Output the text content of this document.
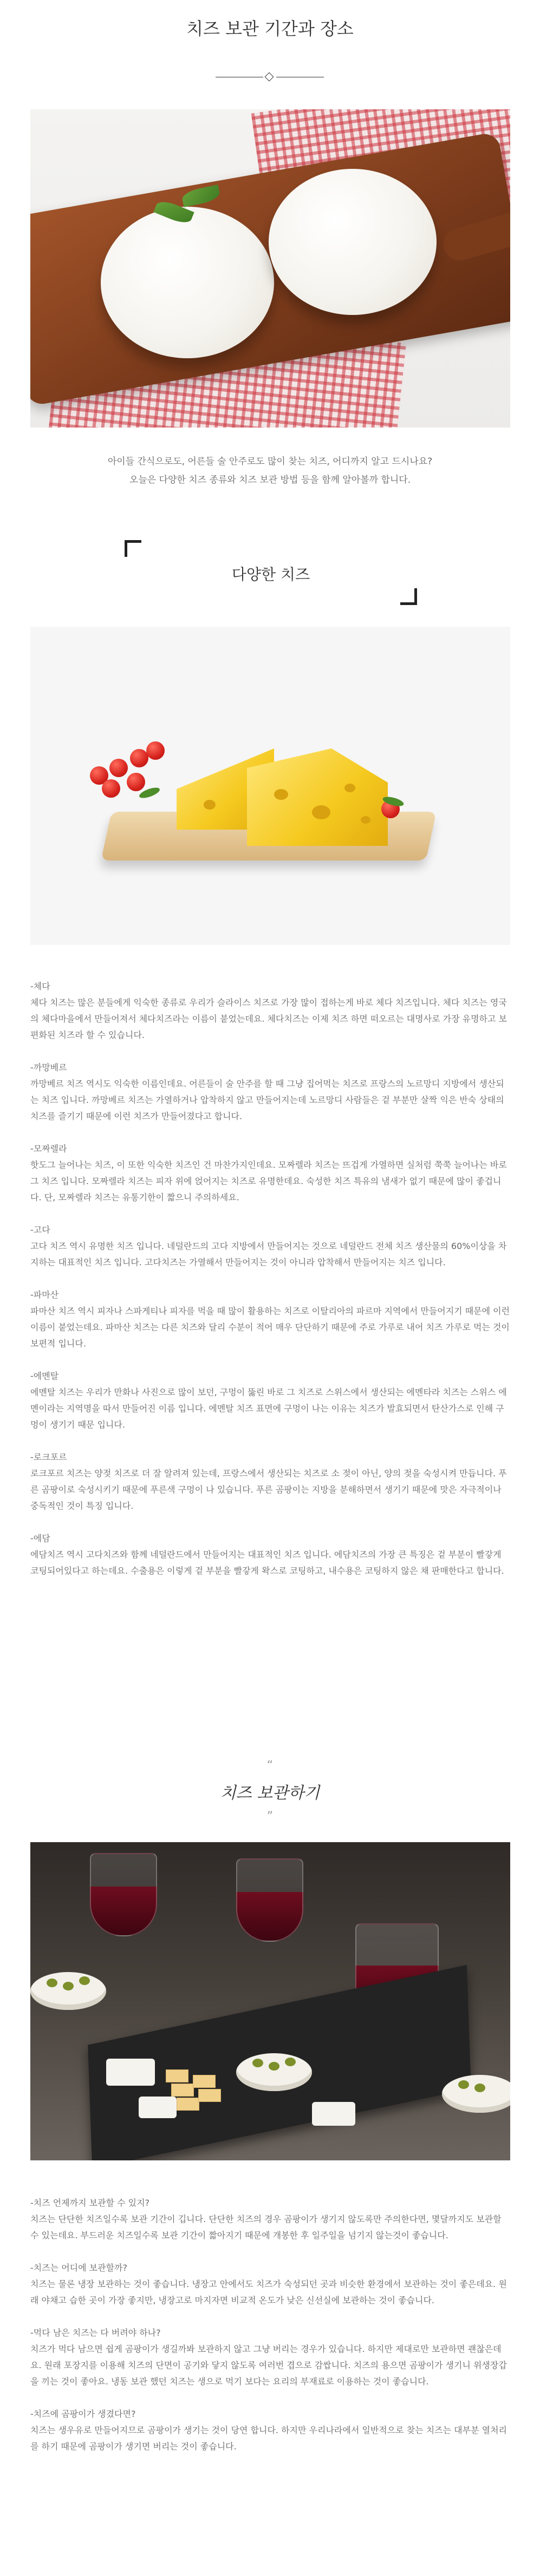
치즈 보관 기간과 장소

아이들 간식으로도, 어른들 술 안주로도 많이 찾는 치즈, 어디까지 알고 드시나요?

오늘은 다양한 치즈 종류와 치즈 보관 방법 등을 함께 알아볼까 합니다.

다양한 치즈
-체다
체다 치즈는 많은 분들에게 익숙한 종류로 우리가 슬라이스 치즈로 가장 많이 접하는게 바로 체다 치즈입니다. 체다 치즈는 영국의 체다마을에서 만들어져서 체다치즈라는 이름이 붙었는데요. 체다치즈는 이제 치즈 하면 떠오르는 대명사로 가장 유명하고 보편화된 치즈라 할 수 있습니다.
-까망베르
까망베르 치즈 역시도 익숙한 이름인데요. 어른들이 술 안주를 할 때 그냥 집어먹는 치즈로 프랑스의 노르망디 지방에서 생산되는 치즈 입니다. 까망베르 치즈는 가열하거나 압착하지 않고 만들어지는데 노르망디 사람들은 겉 부분만 살짝 익은 반숙 상태의 치즈를 즐기기 때문에 이런 치즈가 만들어졌다고 합니다.
-모짜렐라
핫도그 늘어나는 치즈, 이 또한 익숙한 치즈인 건 마찬가지인데요. 모짜렐라 치즈는 뜨겁게 가열하면 실처럼 쭉쭉 늘어나는 바로 그 치즈 입니다. 모짜렐라 치즈는 피자 위에 얹어지는 치즈로 유명한데요. 숙성한 치즈 특유의 냄새가 없기 때문에 많이 좋겁니다. 단, 모짜렐라 치즈는 유통기한이 짧으니 주의하세요.
-고다
고다 치즈 역시 유명한 치즈 입니다. 네덜란드의 고다 지방에서 만들어지는 것으로 네덜란드 전체 치즈 생산물의 60%이상을 차지하는 대표적인 치즈 입니다. 고다치즈는 가열해서 만들어지는 것이 아니라 압착해서 만들어지는 치즈 입니다.
-파마산
파마산 치즈 역시 피자나 스파게티나 피자를 먹을 때 많이 활용하는 치즈로 이탈리아의 파르마 지역에서 만들어지기 때문에 이런 이름이 붙었는데요. 파마산 치즈는 다른 치즈와 달리 수분이 적어 매우 단단하기 때문에 주로 가루로 내어 치즈 가루로 먹는 것이 보편적 입니다.
-에멘탈
에멘탈 치즈는 우리가 만화나 사진으로 많이 보던, 구멍이 뚫린 바로 그 치즈로 스위스에서 생산되는 에멘타라 치즈는 스위스 에멘이라는 지역명을 따서 만들어진 이름 입니다. 에멘탈 치즈 표면에 구멍이 나는 이유는 치즈가 발효되면서 탄산가스로 인해 구멍이 생기기 때문 입니다.
-로크포르
로크포르 치즈는 양젖 치즈로 더 잘 알려져 있는데, 프랑스에서 생산되는 치즈로 소 젖이 아닌, 양의 젖을 숙성시켜 만듭니다. 푸른 곰팡이로 숙성시키기 때문에 푸른색 구멍이 나 있습니다. 푸른 곰팡이는 지방을 분해하면서 생기기 때문에 맛은 자극적이나 중독적인 것이 특징 입니다.
-에담
에담치즈 역시 고다치즈와 함께 네덜란드에서 만들어지는 대표적인 치즈 입니다. 에담치즈의 가장 큰 특징은 겉 부분이 빨갛게 코팅되어있다고 하는데요. 수출용은 이렇게 겉 부분을 빨갛게 왁스로 코팅하고, 내수용은 코팅하지 않은 채 판매한다고 합니다.
“
치즈 보관하기
”
-치즈 언제까지 보관할 수 있지?
치즈는 단단한 치즈일수록 보관 기간이 깁니다. 단단한 치즈의 경우 곰팡이가 생기지 않도록만 주의한다면, 몇달까지도 보관할 수 있는데요. 부드러운 치즈일수록 보관 기간이 짧아지기 때문에 개봉한 후 일주일을 넘기지 않는것이 좋습니다.
-치즈는 어디에 보관할까?
치즈는 물론 냉장 보관하는 것이 좋습니다. 냉장고 안에서도 치즈가 숙성되던 곳과 비슷한 환경에서 보관하는 것이 좋은데요. 원래 야채고 습한 곳이 가장 좋지만, 냉장고로 마지자면 비교적 온도가 낮은 신선실에 보관하는 것이 좋습니다.
-먹다 남은 치즈는 다 버려야 하나?
치즈가 먹다 남으면 쉽게 곰팡이가 생길까봐 보관하지 않고 그냥 버리는 경우가 있습니다. 하지만 제대로만 보관하면 괜찮은데요. 원래 포장지를 이용해 치즈의 단면이 공기와 닿지 않도록 여러번 겹으로 감쌉니다. 치즈의 용으면 곰팡이가 생기니 위생장갑을 끼는 것이 좋아요. 냉동 보관 했던 치즈는 생으로 먹기 보다는 요리의 부재료로 이용하는 것이 좋습니다.
-치즈에 곰팡이가 생겼다면?
치즈는 생우유로 만들어지므로 곰팡이가 생기는 것이 당연 합니다. 하지만 우리나라에서 일반적으로 찾는 치즈는 대부분 열처리를 하기 때문에 곰팡이가 생기면 버리는 것이 좋습니다.
